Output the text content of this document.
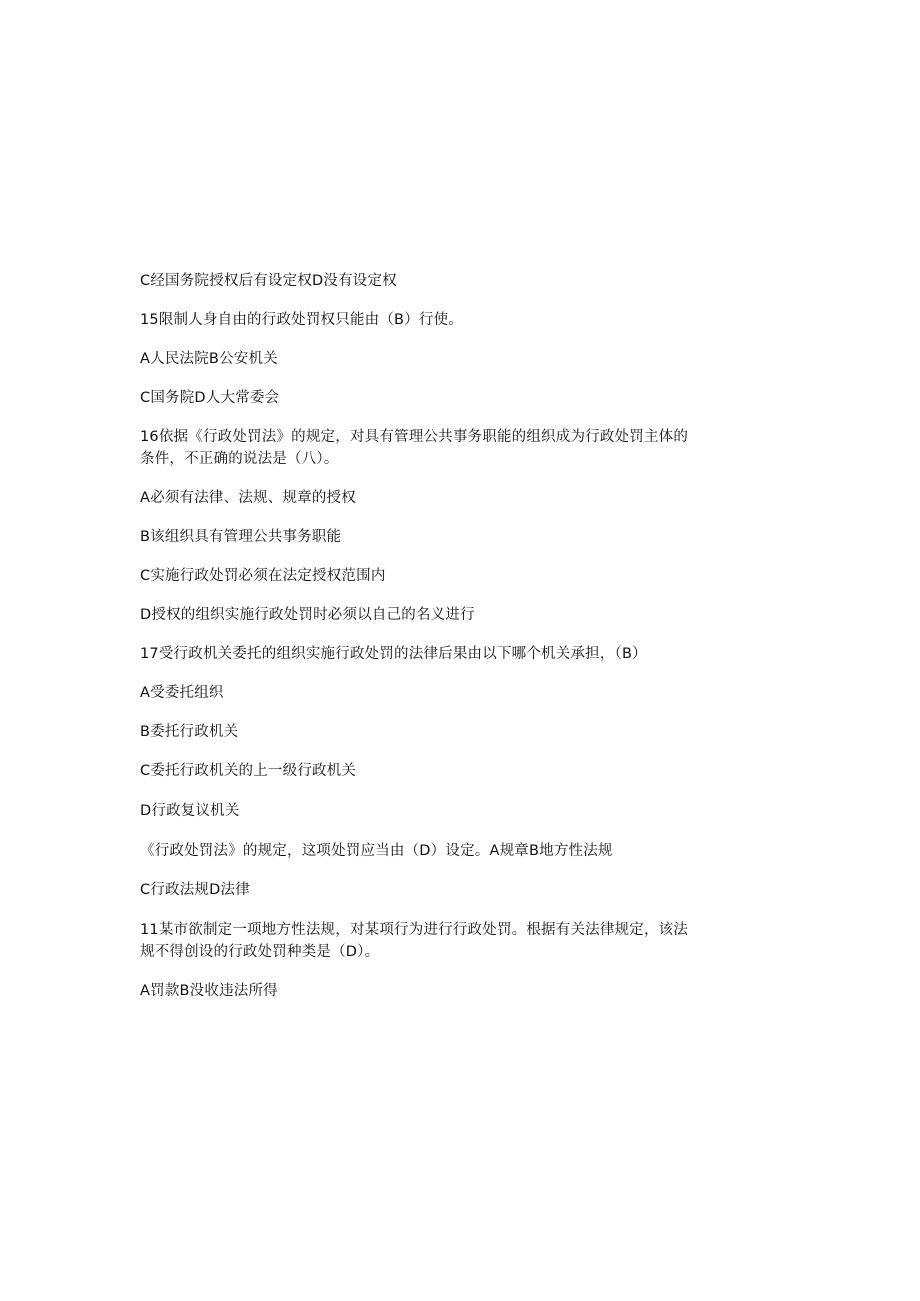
C经国务院授权后有设定权D没有设定权

15限制人身自由的行政处罚权只能由（B）行使。

A人民法院B公安机关

C国务院D人大常委会

16依据《行政处罚法》的规定，对具有管理公共事务职能的组织成为行政处罚主体的

条件，不正确的说法是（八）。

A必须有法律、法规、规章的授权

B该组织具有管理公共事务职能

C实施行政处罚必须在法定授权范围内

D授权的组织实施行政处罚时必须以自己的名义进行

17受行政机关委托的组织实施行政处罚的法律后果由以下哪个机关承担，（B）

A受委托组织

B委托行政机关

C委托行政机关的上一级行政机关

D行政复议机关

《行政处罚法》的规定，这项处罚应当由（D）设定。A规章B地方性法规

C行政法规D法律

11某市欲制定一项地方性法规，对某项行为进行行政处罚。根据有关法律规定，该法

规不得创设的行政处罚种类是（D）。

A罚款B没收违法所得
